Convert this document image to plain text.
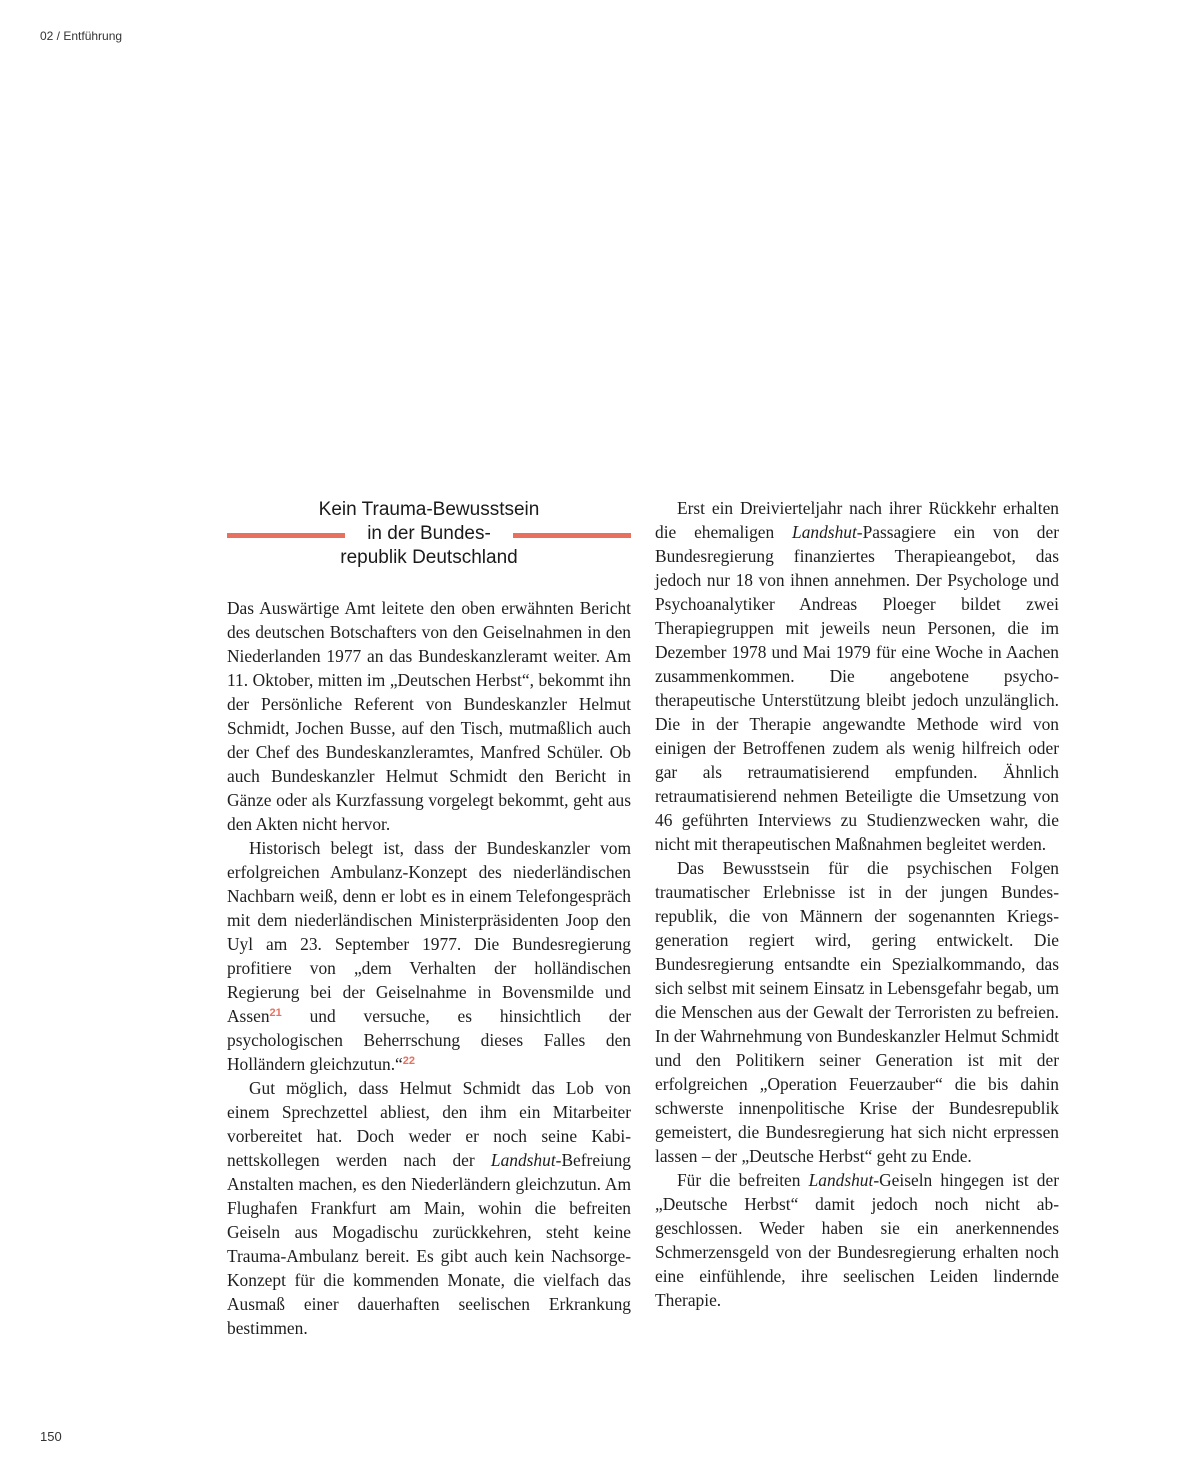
02 / Entführung
Kein Trauma-Bewusstsein
in der Bundes-
republik Deutschland

Das Auswärtige Amt leitete den oben erwähnten Bericht des deutschen Botschafters von den Geiselnahmen in den Niederlanden 1977 an das Bundeskanzleramt weiter. Am 11. Oktober, mitten im „Deutschen Herbst“, bekommt ihn der Persönliche Referent von Bundeskanzler Helmut Schmidt, Jochen Busse, auf den Tisch, mutmaßlich auch der Chef des Bundeskanzleramtes, Manfred Schüler. Ob auch Bundeskanzler Helmut Schmidt den Bericht in Gänze oder als Kurzfassung vorgelegt bekommt, geht aus den Akten nicht hervor.

Historisch belegt ist, dass der Bundeskanzler vom erfolgreichen Ambulanz-Konzept des niederländischen Nachbarn weiß, denn er lobt es in einem Telefongespräch mit dem niederländischen Ministerpräsidenten Joop den Uyl am 23. September 1977. Die Bundesregierung profitiere von „dem Verhalten der holländischen Regierung bei der Geiselnahme in Bovensmilde und Assen$^{21}$ und versuche, es hinsichtlich der psychologischen Beherrschung dieses Falles den Holländern gleichzutun.“$^{22}$

Gut möglich, dass Helmut Schmidt das Lob von einem Sprechzettel abliest, den ihm ein Mitarbeiter vorbereitet hat. Doch weder er noch seine Kabinettskollegen werden nach der Landshut-Befreiung Anstalten machen, es den Niederländern gleichzutun. Am Flughafen Frankfurt am Main, wohin die befreiten Geiseln aus Mogadischu zurückkehren, steht keine Trauma-Ambulanz bereit. Es gibt auch kein Nachsorge-Konzept für die kommenden Monate, die vielfach das Ausmaß einer dauerhaften seelischen Erkrankung bestimmen.

Erst ein Dreivierteljahr nach ihrer Rückkehr erhalten die ehemaligen Landshut-Passagiere ein von der Bundesregierung finanziertes Therapieangebot, das jedoch nur 18 von ihnen annehmen. Der Psychologe und Psychoanalytiker Andreas Ploeger bildet zwei Therapiegruppen mit jeweils neun Personen, die im Dezember 1978 und Mai 1979 für eine Woche in Aachen zusammenkommen. Die angebotene psychotherapeutische Unterstützung bleibt jedoch unzulänglich. Die in der Therapie angewandte Methode wird von einigen der Betroffenen zudem als wenig hilfreich oder gar als retraumatisierend empfunden. Ähnlich retraumatisierend nehmen Beteiligte die Umsetzung von 46 geführten Interviews zu Studienzwecken wahr, die nicht mit therapeutischen Maßnahmen begleitet werden.

Das Bewusstsein für die psychischen Folgen traumatischer Erlebnisse ist in der jungen Bundesrepublik, die von Männern der sogenannten Kriegsgeneration regiert wird, gering entwickelt. Die Bundesregierung entsandte ein Spezialkommando, das sich selbst mit seinem Einsatz in Lebensgefahr begab, um die Menschen aus der Gewalt der Terroristen zu befreien. In der Wahrnehmung von Bundeskanzler Helmut Schmidt und den Politikern seiner Generation ist mit der erfolgreichen „Operation Feuerzauber“ die bis dahin schwerste innenpolitische Krise der Bundesrepublik gemeistert, die Bundesregierung hat sich nicht erpressen lassen – der „Deutsche Herbst“ geht zu Ende.

Für die befreiten Landshut-Geiseln hingegen ist der „Deutsche Herbst“ damit jedoch noch nicht abgeschlossen. Weder haben sie ein anerkennendes Schmerzensgeld von der Bundesregierung erhalten noch eine einfühlende, ihre seelischen Leiden lindernde Therapie.

150
